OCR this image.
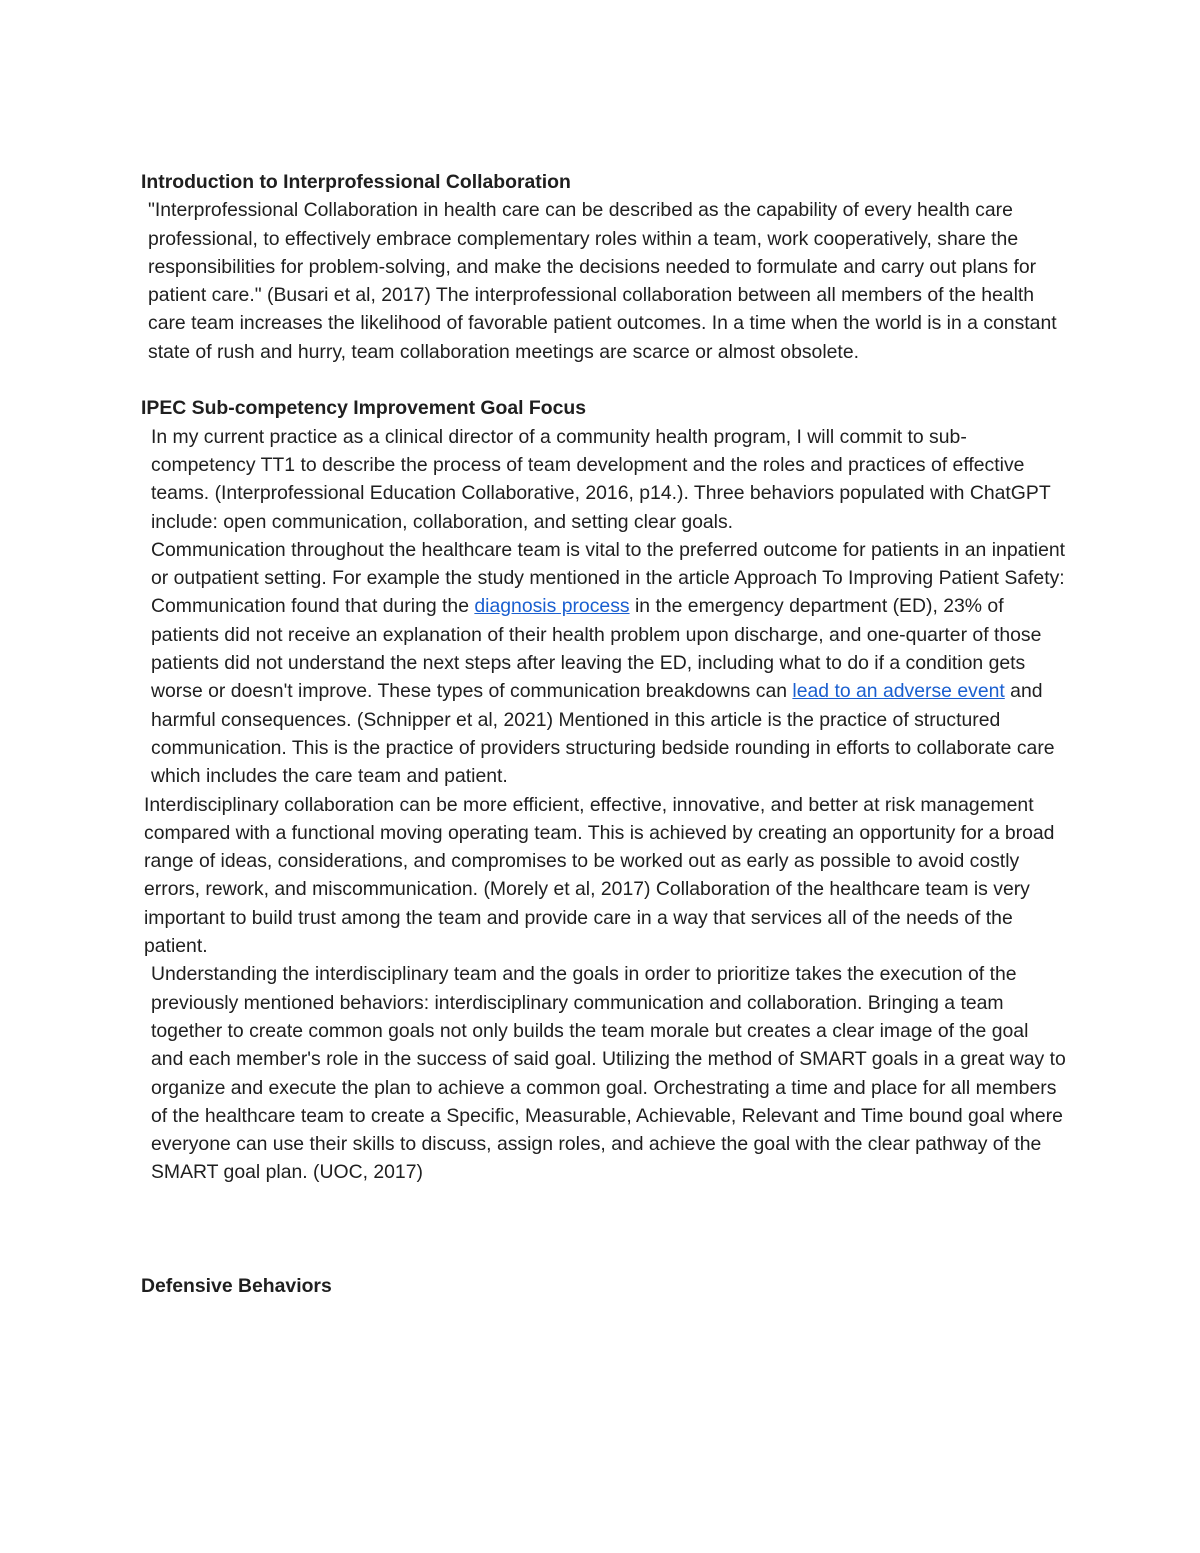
Introduction to Interprofessional Collaboration

"Interprofessional Collaboration in health care can be described as the capability of every health care professional, to effectively embrace complementary roles within a team, work cooperatively, share the responsibilities for problem-solving, and make the decisions needed to formulate and carry out plans for patient care." (Busari et al, 2017) The interprofessional collaboration between all members of the health care team increases the likelihood of favorable patient outcomes. In a time when the world is in a constant state of rush and hurry, team collaboration meetings are scarce or almost obsolete.

IPEC Sub-competency Improvement Goal Focus

In my current practice as a clinical director of a community health program, I will commit to sub-competency TT1 to describe the process of team development and the roles and practices of effective teams. (Interprofessional Education Collaborative, 2016, p14.). Three behaviors populated with ChatGPT include: open communication, collaboration, and setting clear goals.

Communication throughout the healthcare team is vital to the preferred outcome for patients in an inpatient or outpatient setting. For example the study mentioned in the article Approach To Improving Patient Safety: Communication found that during the diagnosis process in the emergency department (ED), 23% of patients did not receive an explanation of their health problem upon discharge, and one-quarter of those patients did not understand the next steps after leaving the ED, including what to do if a condition gets worse or doesn't improve. These types of communication breakdowns can lead to an adverse event and harmful consequences. (Schnipper et al, 2021) Mentioned in this article is the practice of structured communication. This is the practice of providers structuring bedside rounding in efforts to collaborate care which includes the care team and patient.

Interdisciplinary collaboration can be more efficient, effective, innovative, and better at risk management compared with a functional moving operating team. This is achieved by creating an opportunity for a broad range of ideas, considerations, and compromises to be worked out as early as possible to avoid costly errors, rework, and miscommunication. (Morely et al, 2017) Collaboration of the healthcare team is very important to build trust among the team and provide care in a way that services all of the needs of the patient.

Understanding the interdisciplinary team and the goals in order to prioritize takes the execution of the previously mentioned behaviors: interdisciplinary communication and collaboration. Bringing a team together to create common goals not only builds the team morale but creates a clear image of the goal and each member's role in the success of said goal. Utilizing the method of SMART goals in a great way to organize and execute the plan to achieve a common goal. Orchestrating a time and place for all members of the healthcare team to create a Specific, Measurable, Achievable, Relevant and Time bound goal where everyone can use their skills to discuss, assign roles, and achieve the goal with the clear pathway of the SMART goal plan. (UOC, 2017)

Defensive Behaviors
